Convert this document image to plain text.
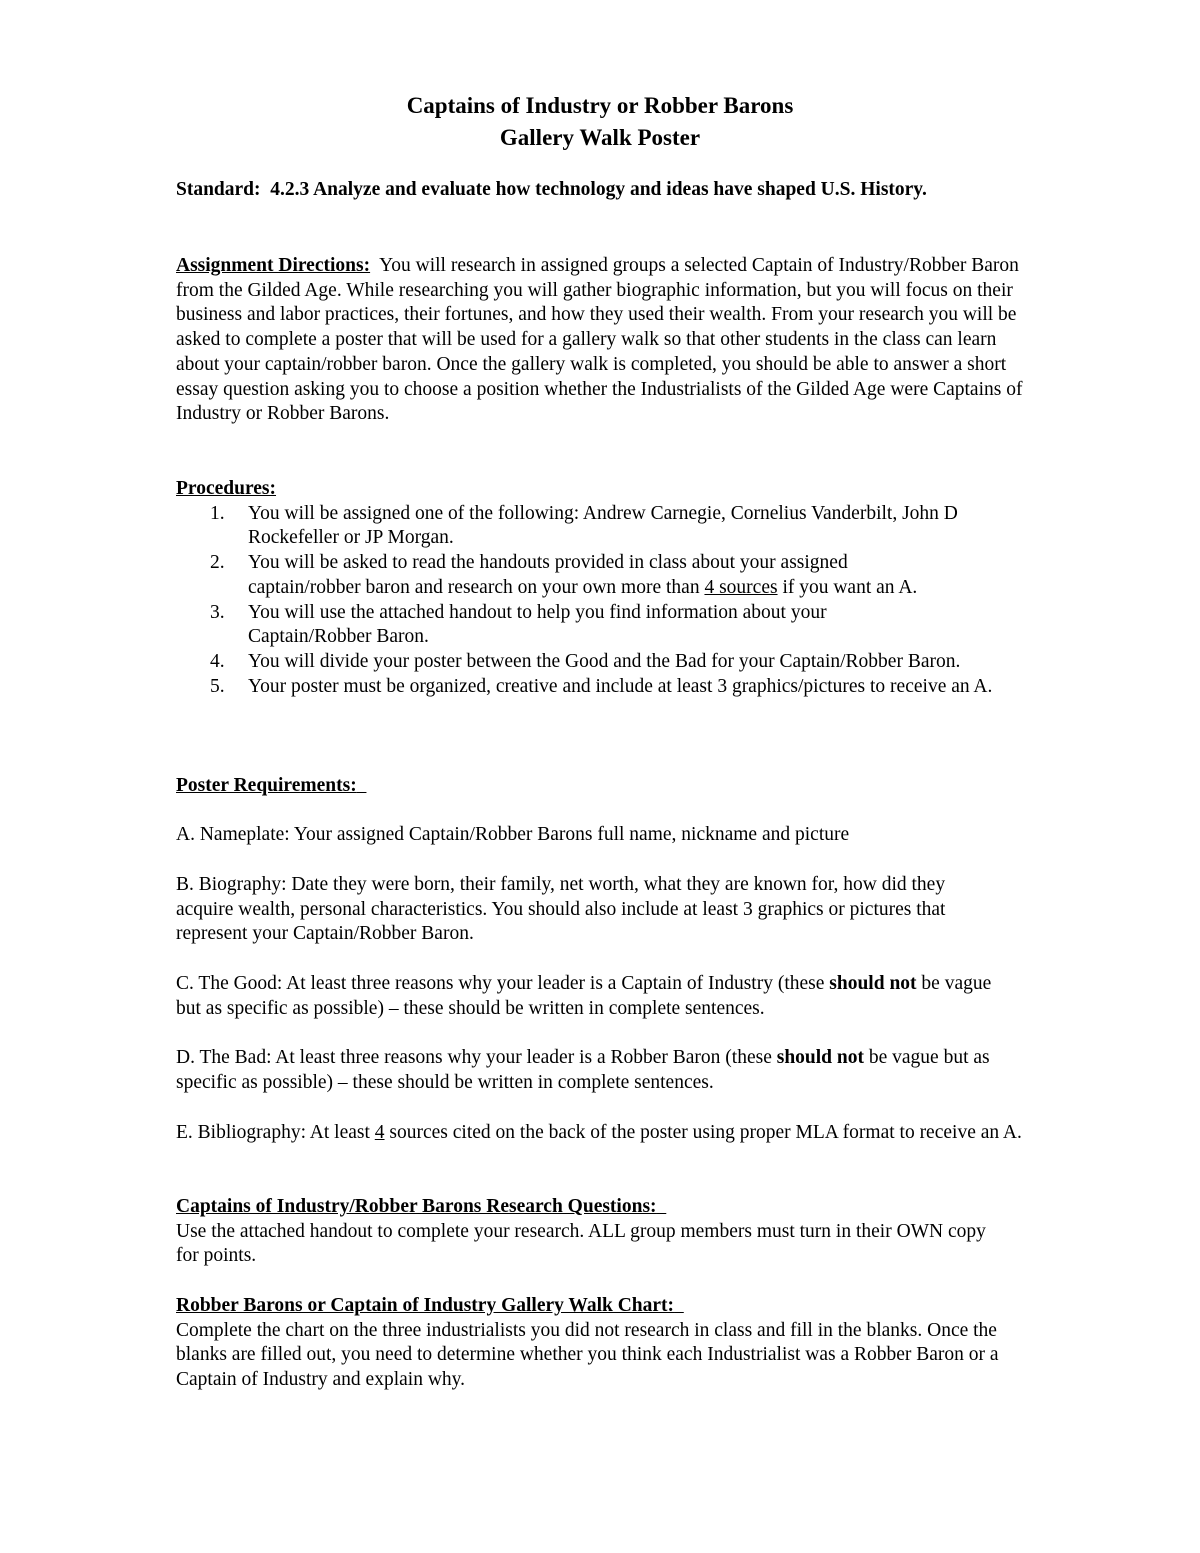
Captains of Industry or Robber Barons
Gallery Walk Poster
Standard: 4.2.3 Analyze and evaluate how technology and ideas have shaped U.S. History.
Assignment Directions: You will research in assigned groups a selected Captain of Industry/Robber Baron from the Gilded Age. While researching you will gather biographic information, but you will focus on their business and labor practices, their fortunes, and how they used their wealth. From your research you will be asked to complete a poster that will be used for a gallery walk so that other students in the class can learn about your captain/robber baron. Once the gallery walk is completed, you should be able to answer a short essay question asking you to choose a position whether the Industrialists of the Gilded Age were Captains of Industry or Robber Barons.
Procedures:
1. You will be assigned one of the following: Andrew Carnegie, Cornelius Vanderbilt, John D Rockefeller or JP Morgan.
2. You will be asked to read the handouts provided in class about your assigned captain/robber baron and research on your own more than 4 sources if you want an A.
3. You will use the attached handout to help you find information about your Captain/Robber Baron.
4. You will divide your poster between the Good and the Bad for your Captain/Robber Baron.
5. Your poster must be organized, creative and include at least 3 graphics/pictures to receive an A.
Poster Requirements:
A. Nameplate: Your assigned Captain/Robber Barons full name, nickname and picture
B. Biography: Date they were born, their family, net worth, what they are known for, how did they acquire wealth, personal characteristics. You should also include at least 3 graphics or pictures that represent your Captain/Robber Baron.
C. The Good: At least three reasons why your leader is a Captain of Industry (these should not be vague but as specific as possible) – these should be written in complete sentences.
D. The Bad: At least three reasons why your leader is a Robber Baron (these should not be vague but as specific as possible) – these should be written in complete sentences.
E. Bibliography: At least 4 sources cited on the back of the poster using proper MLA format to receive an A.
Captains of Industry/Robber Barons Research Questions:
Use the attached handout to complete your research. ALL group members must turn in their OWN copy for points.
Robber Barons or Captain of Industry Gallery Walk Chart:
Complete the chart on the three industrialists you did not research in class and fill in the blanks. Once the blanks are filled out, you need to determine whether you think each Industrialist was a Robber Baron or a Captain of Industry and explain why.
